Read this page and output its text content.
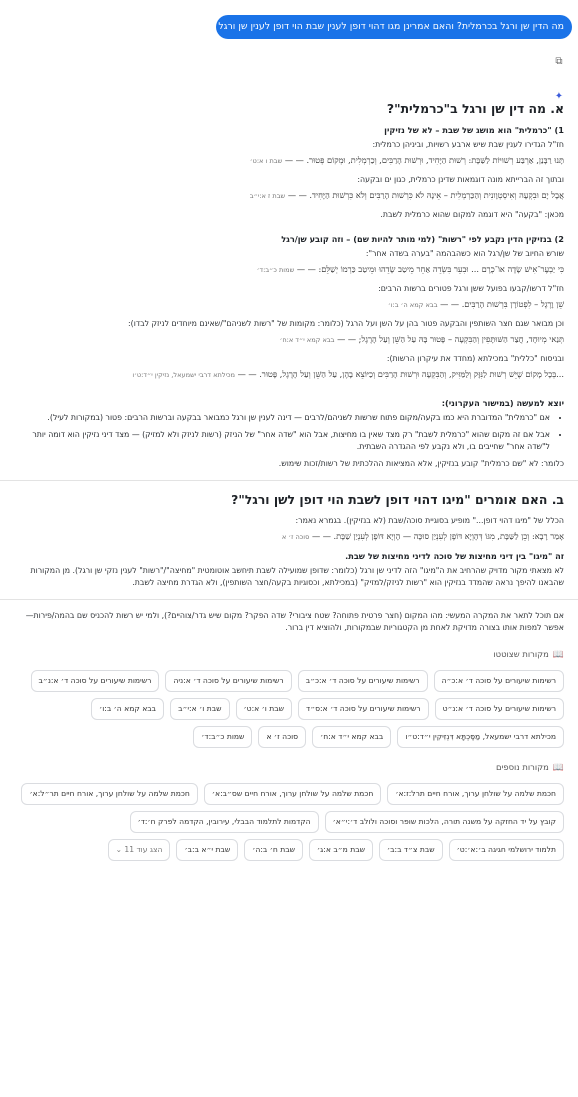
מה הדין שן ורגל בכרמלית? והאם אמרינן מגו דהוי דופן לענין שבת הוי דופן לענין שן ורגל
⧉
✦
א. מה דין שן ורגל ב"כרמלית"?
1) "כרמלית" הוא מושג של שבת – לא של נזיקין
חז"ל הגדירו לענין שבת שיש ארבע רשויות, וביניהן כרמלית:
תָּנוּ רַבָּנַן, אַרְבַּע רְשׁוּיּוֹת לַשַּׁבָּת: רְשׁוּת הַיָּחִיד, וּרְשׁוּת הָרַבִּים, וְכַרְמְלִית, וּמְקוֹם פְּטוּר. — — שבת ו א:ט׳
ובתוך זה הברייתא מונה דוגמאות שדינן כרמלית, כגון ים ובקעה:
אֲבָל יָם וּבִקְעָה וְאִיסְטְוָונִית וְהַכַּרְמְלִית – אֵינָהּ לֹא כִּרְשׁוּת הָרַבִּים וְלֹא כִּרְשׁוּת הַיָּחִיד. — — שבת ז א:י״ב
מכאן: "בקעה" היא דוגמה למקום שהוא כרמלית לשבת.
2) בנזיקין הדין נקבע לפי "רשות" (למי מותר להיות שם) – וזה קובע שן/רגל
שורש החיוב של שן/רגל הוא כשהבהמה "בערה בשדה אחר":
כִּי יַבְעֶר־אִישׁ שָׂדֶה אוֹ־כֶרֶם ... וּבִעֵר בִּשְׂדֵה אַחֵר מֵיטַב שָׂדֵהוּ וּמֵיטַב כַּרְמוֹ יְשַׁלֵּם: — — שמות כ״ב:ד׳
חז"ל דרשו/קבעו בפועל ששן ורגל פטורים ברשות הרבים:
שֵׁן וָרֶגֶל – לִפְטוֹרָן בִּרְשׁוּת הָרַבִּים. — — בבא קמא ה׳ ב:ו׳
וכן מבואר שגם חצר השותפין והבקעה פטור בהן על השן ועל הרגל (כלומר: מקומות של "רשות לשניהם"/שאינם מיוחדים לניזק לבדו):
תְּנַאי מְיוּחָד, חֲצַר הַשּׁוּתָּפִין וְהַבִּקְעָה – פָּטוּר בָּהּ עַל הַשֵּׁן וְעַל הָרֶגֶל; — — בבא קמא י״ד א:ח׳
ובניסוח "כללית" במכילתא (מחדד את עיקרון הרשות):
...בְּכָל מָקוֹם שֶׁיֵּשׁ רְשׁוּת לַנִּזָּק וְלַמַּזִּיק, וְהַבִּקְעָה וּרְשׁוּת הָרַבִּים וְכַיּוֹצֵא בָהֶן, עַל הַשֵּׁן וְעַל הָרֶגֶל, פָּטוּר. — — מכילתא דרבי ישמעאל, נזיקין י״ד:ט׳ו
יוצא למעשה (במישור העקרוני):
• אם "כרמלית" המדוברת היא כמו בקעה/מקום פתוח שרשות לשניהם/לרבים — דינה לענין שן ורגל כמבואר בבקעה וברשות הרבים: פטור (במקורות לעיל).
• אבל אם זה מקום שהוא "כרמלית לשבת" רק מצד שאין בו מחיצות, אבל הוא "שדה אחר" של הניזק (רשות לניזק ולא למזיק) — מצד דיני נזיקין הוא דומה יותר ל"שדה אחר" שחייבים בו, ולא נקבע לפי ההגדרה השבתית.
כלומר: לא "שם כרמלית" קובע בנזיקין, אלא המציאות ההלכתית של רשות/זכות שימוש.
ב. האם אומרים "מיגו דהוי דופן לשבת הוי דופן לשן ורגל"?
הכלל של "מיגו דהוי דופן..." מופיע בסוגיית סוכה/שבת (לא בנזיקין). בגמרא נאמר:
אָמַר רָבָא: וְכֵן לַשַּׁבָּת, מִגּוֹ דְּהָוְיָא דּוֹפֶן לְעִנְיַן סוּכָּה — הָוְיָא דּוֹפֶן לְעִנְיַן שַׁבָּת. — — סוכה ז׳ א
זה "מיגו" בין דיני מחיצות של סוכה לדיני מחיצות של שבת.
לא מצאתי מקור מדויק שהרחיב את ה"מיגו" הזה לדיני שן ורגל (כלומר: שדופן שמועילה לשבת תיחשב אוטומטית "מחיצה"/"רשות" לענין נזקי שן ורגל). מן המקורות שהבאנו להיפך נראה שהמדד בנזיקין הוא "רשות לניזק/למזיק" (במכילתא, וכסוגיות בקעה/חצר השותפין), ולא הגדרת מחיצה לשבת.
אם תוכל לתאר את המקרה המעשי: מהו המקום (חצר פרטית פתוחה? שטח ציבורי? שדה הפקר? מקום שיש גדר/צוהיים?), ולמי יש רשות להכניס שם בהמה/פירות—אפשר למפות אותו בצורה מדויקת לאחת מן הקטגוריות שבמקורות, ולהוציא דין ברור.
📖מקורות שצוטטו
רשימות שיעורים על סוכה ד׳ א:כ״ה
רשימות שיעורים על סוכה ד׳ א:כ״ב
רשימות שיעורים על סוכה ד׳ א:ניה
רשימות שיעורים על סוכה ד׳ א:נ״ב
רשימות שיעורים על סוכה ד׳ א:נ״ט
רשימות שיעורים על סוכה ד׳ א:ס״ד
שבת ו׳ א:ט׳
שבת ו׳ א:י״ב
בבא קמא ה׳ ב:ו׳
מכילתא דרבי ישמעאל, מַסֶּכְתָּא דִּנְזִיקִין י״ד:ט״ו
בבא קמא י״ד א:ח׳
סוכה ז׳ א
שמות כ״ב:ד׳
📖מקורות נוספים
חכמת שלמה על שולחן ערוך, אורח חיים תרל:ז:א׳
חכמת שלמה על שולחן ערוך, אורח חיים שס״ב:א׳
חכמת שלמה על שולחן ערוך, אורח חיים תר״ל:א׳
קובץ על יד החזקה על משנה תורה, הלכות שופר וסוכה ולולב ד׳:י״א׳
הקדמות לתלמוד הבבלי, עירובין, הקדמה לפרק ח׳:ד׳
תלמוד ירושלמי חגיגה ב׳:א׳:ט׳
שבת צ״ד ב:ב׳
שבת מ״ב א:ג׳
שבת ח׳ ב:ה׳
שבת י״א ב:ב׳
הצג עוד 11 ⌄
